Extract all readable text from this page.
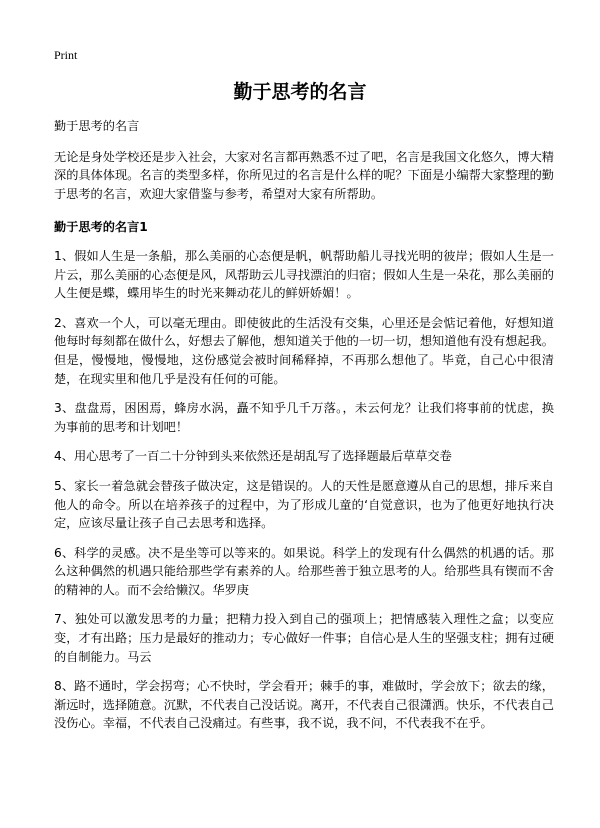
Print
勤于思考的名言

勤于思考的名言

无论是身处学校还是步入社会，大家对名言都再熟悉不过了吧，名言是我国文化悠久，博大精深的具体体现。名言的类型多样，你所见过的名言是什么样的呢？下面是小编帮大家整理的勤于思考的名言，欢迎大家借鉴与参考，希望对大家有所帮助。

勤于思考的名言1

1、假如人生是一条船，那么美丽的心态便是帆，帆帮助船儿寻找光明的彼岸；假如人生是一片云，那么美丽的心态便是风，风帮助云儿寻找漂泊的归宿；假如人生是一朵花，那么美丽的人生便是蝶，蝶用毕生的时光来舞动花儿的鲜妍娇媚！。

2、喜欢一个人，可以毫无理由。即使彼此的生活没有交集，心里还是会惦记着他，好想知道他每时每刻都在做什么，好想去了解他，想知道关于他的一切一切，想知道他有没有想起我。但是，慢慢地，慢慢地，这份感觉会被时间稀释掉，不再那么想他了。毕竟，自己心中很清楚，在现实里和他几乎是没有任何的可能。

3、盘盘焉，困困焉，蜂房水涡，矗不知乎几千万落。，未云何龙？让我们将事前的忧虑，换为事前的思考和计划吧！

4、用心思考了一百二十分钟到头来依然还是胡乱写了选择题最后草草交卷

5、家长一着急就会替孩子做决定，这是错误的。人的天性是愿意遵从自己的思想，排斥来自他人的命令。所以在培养孩子的过程中，为了形成儿童的‘自觉意识，也为了他更好地执行决定，应该尽量让孩子自己去思考和选择。

6、科学的灵感。决不是坐等可以等来的。如果说。科学上的发现有什么偶然的机遇的话。那么这种偶然的机遇只能给那些学有素养的人。给那些善于独立思考的人。给那些具有锲而不舍的精神的人。而不会给懒汉。华罗庚

7、独处可以激发思考的力量；把精力投入到自己的强项上；把情感装入理性之盒；以变应变，才有出路；压力是最好的推动力；专心做好一件事；自信心是人生的坚强支柱；拥有过硬的自制能力。马云

8、路不通时，学会拐弯；心不快时，学会看开；棘手的事，难做时，学会放下；欲去的缘，渐远时，选择随意。沉默，不代表自己没话说。离开，不代表自己很潇洒。快乐，不代表自己没伤心。幸福，不代表自己没痛过。有些事，我不说，我不问，不代表我不在乎。
